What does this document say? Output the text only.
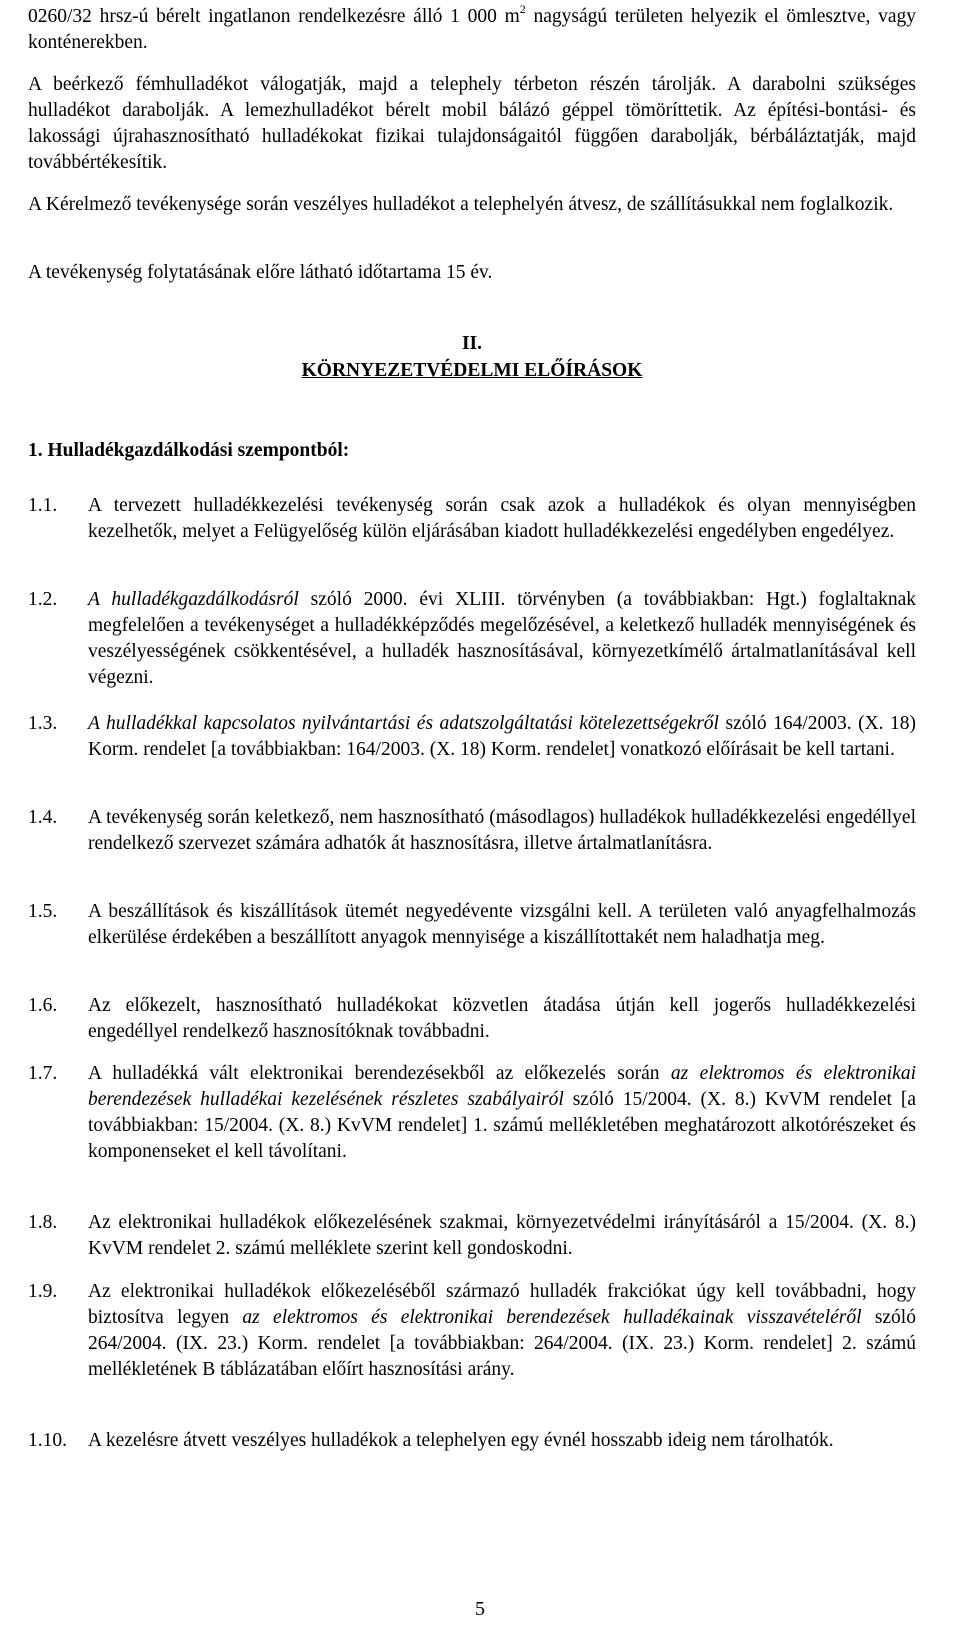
0260/32 hrsz-ú bérelt ingatlanon rendelkezésre álló 1 000 $m^2$ nagyságú területen helyezik el ömlesztve, vagy konténerekben.

A beérkező fémhulladékot válogatják, majd a telephely térbeton részén tárolják. A darabolni szükséges hulladékot darabolják. A lemezhulladékot bérelt mobil bálázó géppel tömöríttetik. Az építési-bontási- és lakossági újrahasznosítható hulladékokat fizikai tulajdonságaitól függően darabolják, bérbáláztatják, majd továbbértékesítik.

A Kérelmező tevékenysége során veszélyes hulladékot a telephelyén átvesz, de szállításukkal nem foglalkozik.

A tevékenység folytatásának előre látható időtartama 15 év.

II.
KÖRNYEZETVÉDELMI ELŐÍRÁSOK
1. Hulladékgazdálkodási szempontból:
1.1.	A tervezett hulladékkezelési tevékenység során csak azok a hulladékok és olyan mennyiségben kezelhetők, melyet a Felügyelőség külön eljárásában kiadott hulladékkezelési engedélyben engedélyez.

1.2.	A hulladékgazdálkodásról szóló 2000. évi XLIII. törvényben (a továbbiakban: Hgt.) foglaltaknak megfelelően a tevékenységet a hulladékképződés megelőzésével, a keletkező hulladék mennyiségének és veszélyességének csökkentésével, a hulladék hasznosításával, környezetkímélő ártalmatlanításával kell végezni.

1.3.	A hulladékkal kapcsolatos nyilvántartási és adatszolgáltatási kötelezettségekről szóló 164/2003. (X. 18) Korm. rendelet [a továbbiakban: 164/2003. (X. 18) Korm. rendelet] vonatkozó előírásait be kell tartani.

1.4.	A tevékenység során keletkező, nem hasznosítható (másodlagos) hulladékok hulladékkezelési engedéllyel rendelkező szervezet számára adhatók át hasznosításra, illetve ártalmatlanításra.

1.5.	A beszállítások és kiszállítások ütemét negyedévente vizsgálni kell. A területen való anyagfelhalmozás elkerülése érdekében a beszállított anyagok mennyisége a kiszállítottakét nem haladhatja meg.

1.6.	Az előkezelt, hasznosítható hulladékokat közvetlen átadása útján kell jogerős hulladékkezelési engedéllyel rendelkező hasznosítóknak továbbadni.

1.7.	A hulladékká vált elektronikai berendezésekből az előkezelés során az elektromos és elektronikai berendezések hulladékai kezelésének részletes szabályairól szóló 15/2004. (X. 8.) KvVM rendelet [a továbbiakban: 15/2004. (X. 8.) KvVM rendelet] 1. számú mellékletében meghatározott alkotórészeket és komponenseket el kell távolítani.

1.8.	Az elektronikai hulladékok előkezelésének szakmai, környezetvédelmi irányításáról a 15/2004. (X. 8.) KvVM rendelet 2. számú melléklete szerint kell gondoskodni.

1.9.	Az elektronikai hulladékok előkezeléséből származó hulladék frakciókat úgy kell továbbadni, hogy biztosítva legyen az elektromos és elektronikai berendezések hulladékainak visszavételéről szóló 264/2004. (IX. 23.) Korm. rendelet [a továbbiakban: 264/2004. (IX. 23.) Korm. rendelet] 2. számú mellékletének B táblázatában előírt hasznosítási arány.

1.10.	A kezelésre átvett veszélyes hulladékok a telephelyen egy évnél hosszabb ideig nem tárolhatók.

5
